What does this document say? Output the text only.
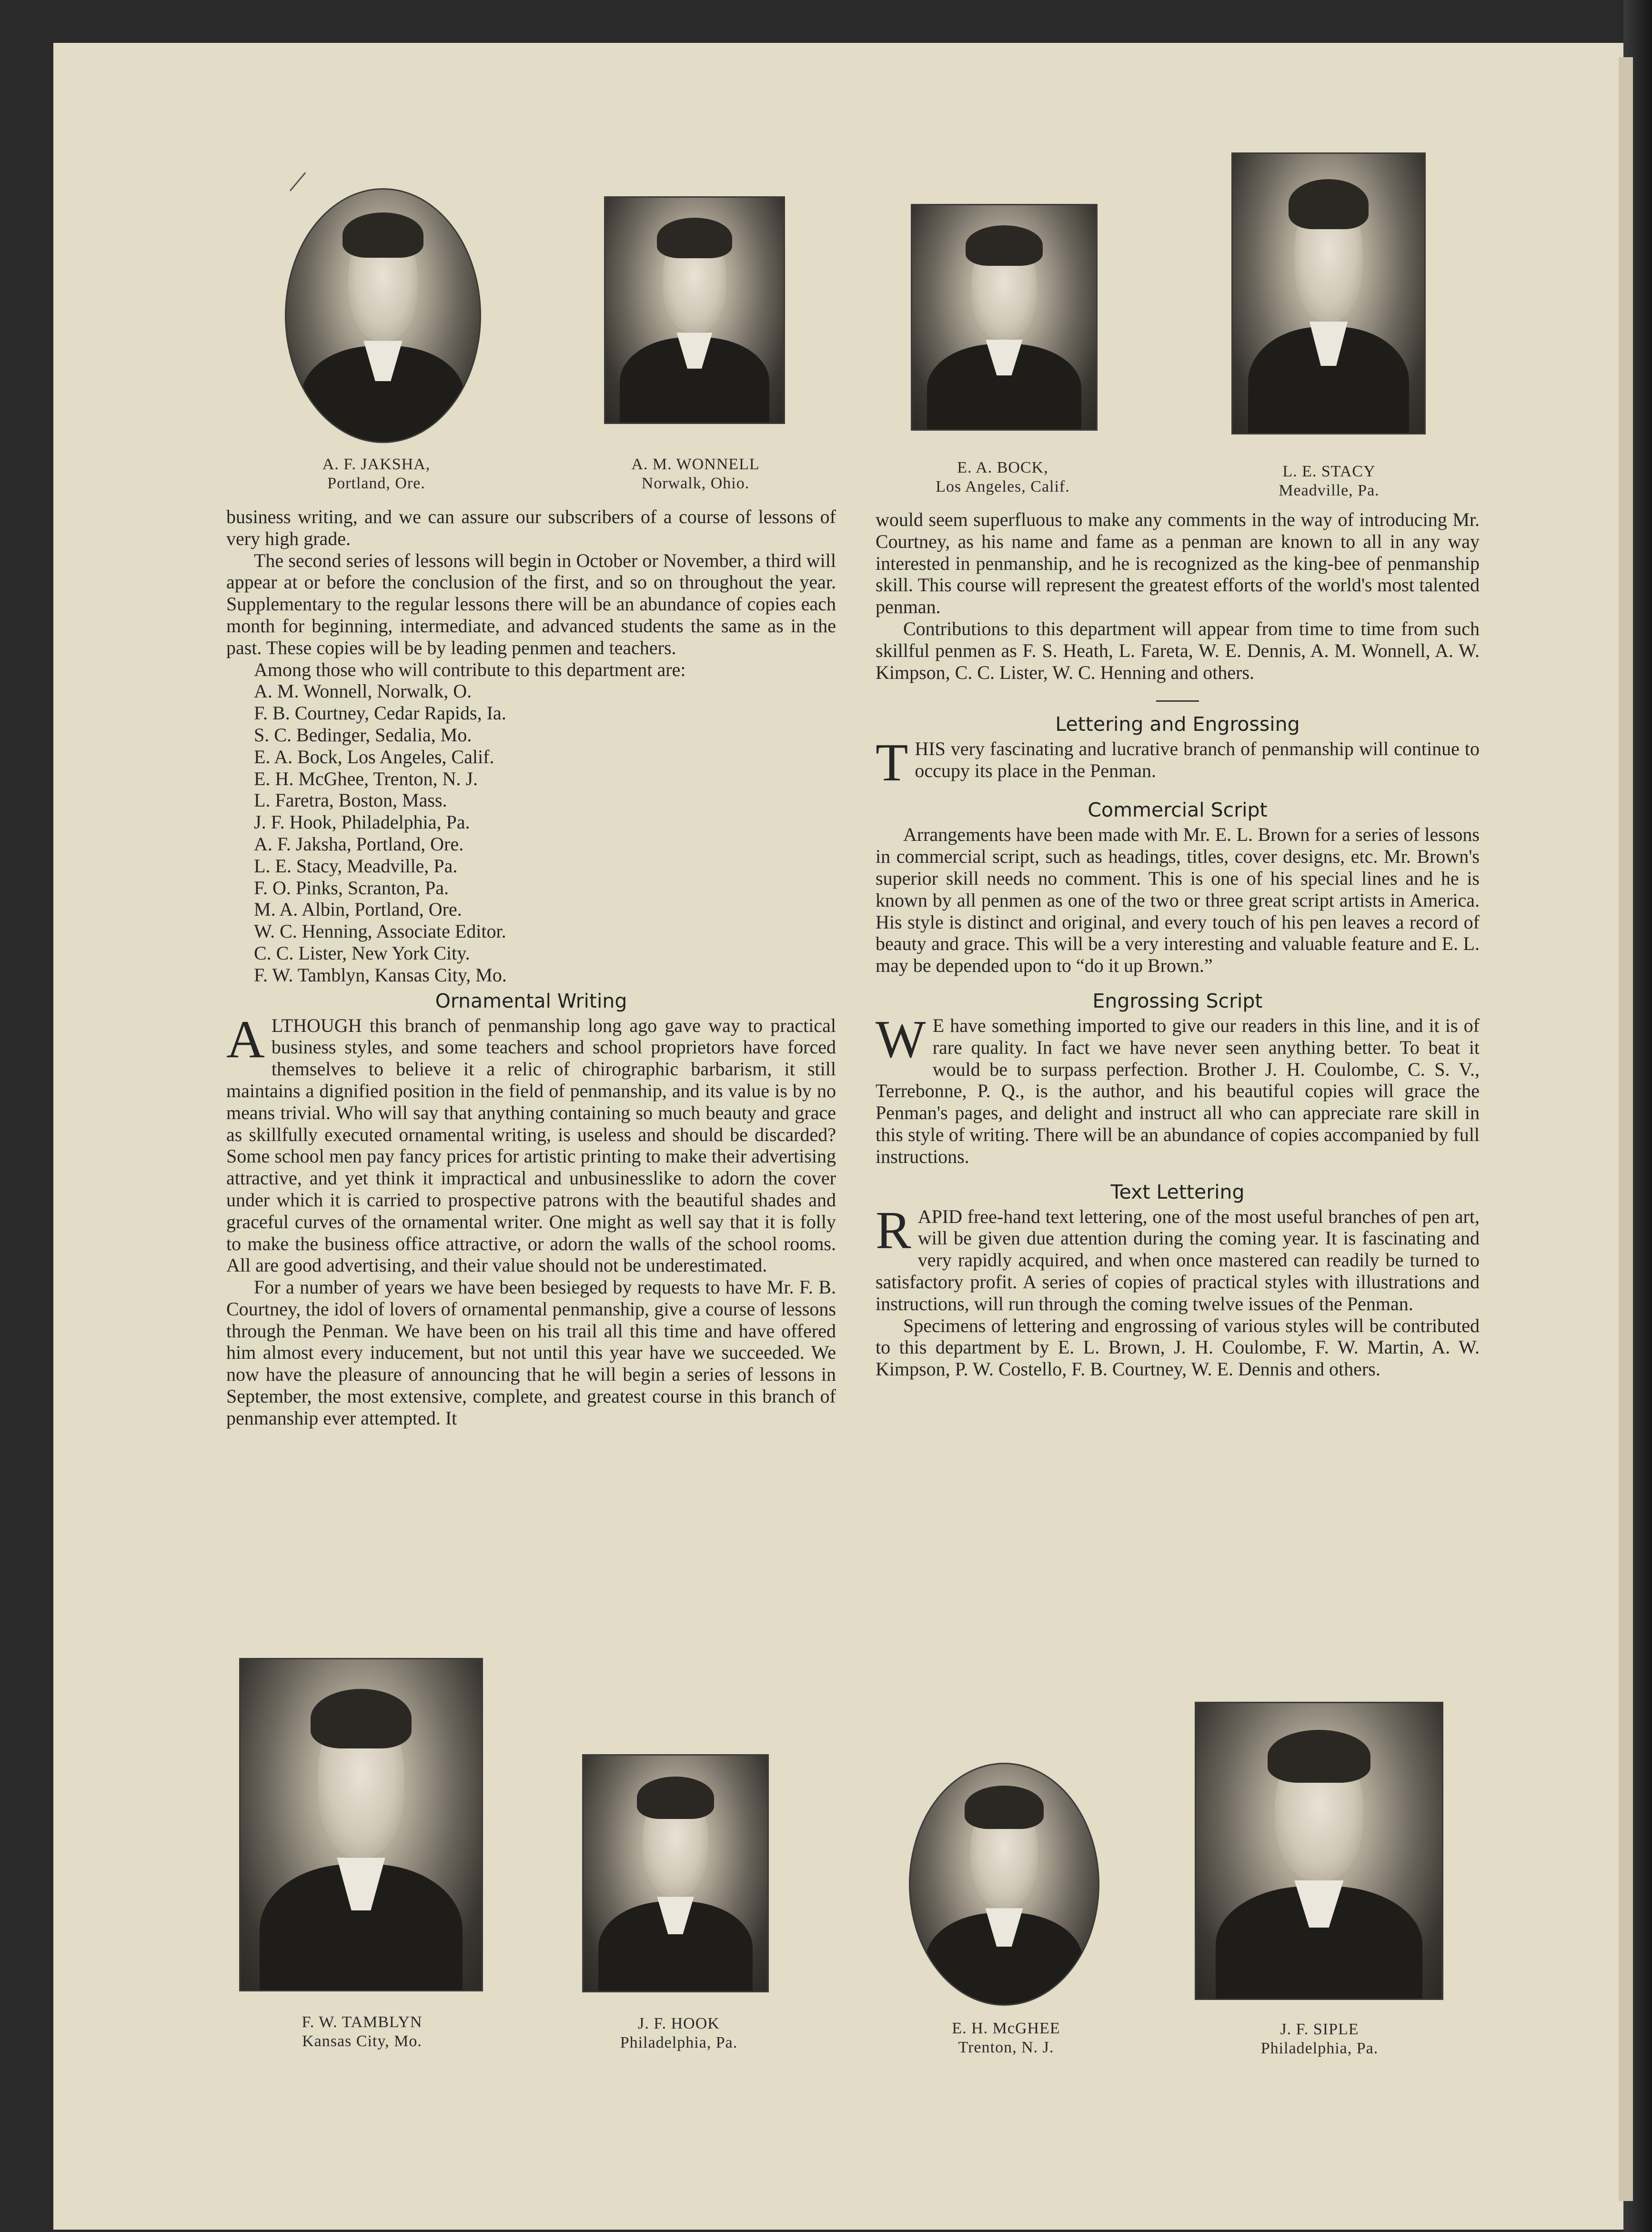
A. F. JAKSHA,
Portland, Ore.
A. M. WONNELL
Norwalk, Ohio.
E. A. BOCK,
Los Angeles, Calif.
L. E. STACY
Meadville, Pa.

business writing, and we can assure our subscribers of a course of lessons of very high grade.

The second series of lessons will begin in October or November, a third will appear at or before the conclusion of the first, and so on throughout the year. Supplementary to the regular lessons there will be an abundance of copies each month for beginning, intermediate, and advanced students the same as in the past. These copies will be by leading penmen and teachers.

Among those who will contribute to this department are:

A. M. Wonnell, Norwalk, O.
F. B. Courtney, Cedar Rapids, Ia.
S. C. Bedinger, Sedalia, Mo.
E. A. Bock, Los Angeles, Calif.
E. H. McGhee, Trenton, N. J.
L. Faretra, Boston, Mass.
J. F. Hook, Philadelphia, Pa.
A. F. Jaksha, Portland, Ore.
L. E. Stacy, Meadville, Pa.
F. O. Pinks, Scranton, Pa.
M. A. Albin, Portland, Ore.
W. C. Henning, Associate Editor.
C. C. Lister, New York City.
F. W. Tamblyn, Kansas City, Mo.
Ornamental Writing

ALTHOUGH this branch of penmanship long ago gave way to practical business styles, and some teachers and school proprietors have forced themselves to believe it a relic of chirographic barbarism, it still maintains a dignified position in the field of penmanship, and its value is by no means trivial. Who will say that anything containing so much beauty and grace as skillfully executed ornamental writing, is useless and should be discarded? Some school men pay fancy prices for artistic printing to make their advertising attractive, and yet think it impractical and unbusinesslike to adorn the cover under which it is carried to prospective patrons with the beautiful shades and graceful curves of the ornamental writer. One might as well say that it is folly to make the business office attractive, or adorn the walls of the school rooms. All are good advertising, and their value should not be underestimated.

For a number of years we have been besieged by requests to have Mr. F. B. Courtney, the idol of lovers of ornamental penmanship, give a course of lessons through the Penman. We have been on his trail all this time and have offered him almost every inducement, but not until this year have we succeeded. We now have the pleasure of announcing that he will begin a series of lessons in September, the most extensive, complete, and greatest course in this branch of penmanship ever attempted. It

would seem superfluous to make any comments in the way of introducing Mr. Courtney, as his name and fame as a penman are known to all in any way interested in penmanship, and he is recognized as the king-bee of penmanship skill. This course will represent the greatest efforts of the world's most talented penman.

Contributions to this department will appear from time to time from such skillful penmen as F. S. Heath, L. Fareta, W. E. Dennis, A. M. Wonnell, A. W. Kimpson, C. C. Lister, W. C. Henning and others.

Lettering and Engrossing

THIS very fascinating and lucrative branch of penmanship will continue to occupy its place in the Penman.

Commercial Script

Arrangements have been made with Mr. E. L. Brown for a series of lessons in commercial script, such as headings, titles, cover designs, etc. Mr. Brown's superior skill needs no comment. This is one of his special lines and he is known by all penmen as one of the two or three great script artists in America. His style is distinct and original, and every touch of his pen leaves a record of beauty and grace. This will be a very interesting and valuable feature and E. L. may be depended upon to “do it up Brown.”

Engrossing Script

W E have something imported to give our readers in this line, and it is of rare quality. In fact we have never seen anything better. To beat it would be to surpass perfection. Brother J. H. Coulombe, C. S. V., Terrebonne, P. Q., is the author, and his beautiful copies will grace the Penman's pages, and delight and instruct all who can appreciate rare skill in this style of writing. There will be an abundance of copies accompanied by full instructions.

Text Lettering

RAPID free-hand text lettering, one of the most useful branches of pen art, will be given due attention during the coming year. It is fascinating and very rapidly acquired, and when once mastered can readily be turned to satisfactory profit. A series of copies of practical styles with illustrations and instructions, will run through the coming twelve issues of the Penman.

Specimens of lettering and engrossing of various styles will be contributed to this department by E. L. Brown, J. H. Coulombe, F. W. Martin, A. W. Kimpson, P. W. Costello, F. B. Courtney, W. E. Dennis and others.

F. W. TAMBLYN
Kansas City, Mo.
J. F. HOOK
Philadelphia, Pa.
E. H. McGHEE
Trenton, N. J.
J. F. SIPLE
Philadelphia, Pa.
